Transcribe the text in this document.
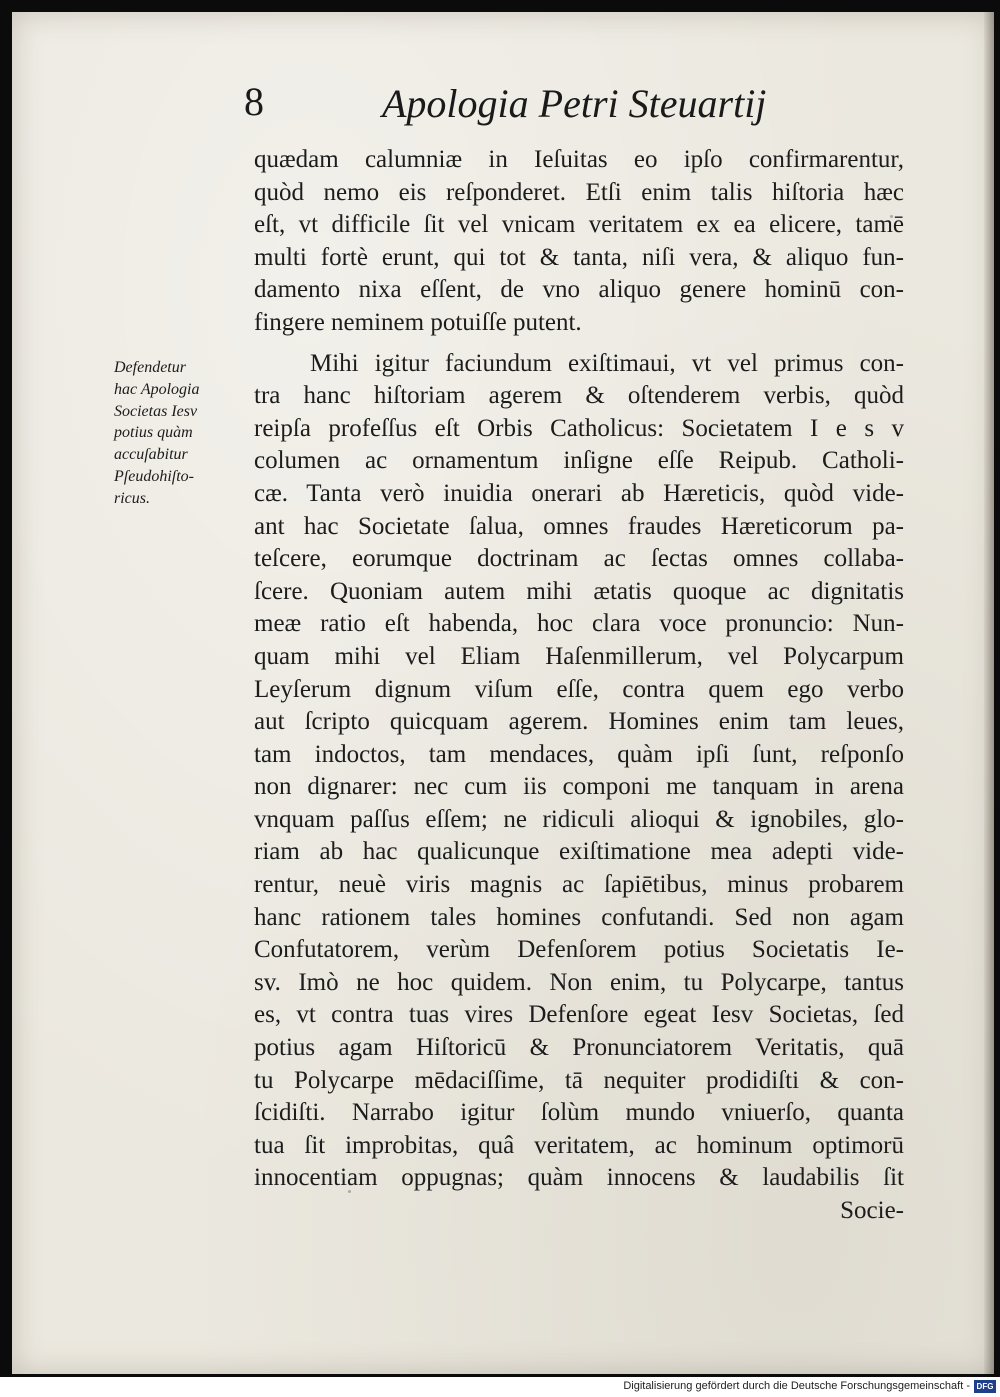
8	Apologia Petri Steuartij
Defendetur
hac Apologia
Societas Iesv
potius quàm
accuſabitur
Pſeudohiſto-
ricus.
quædam calumniæ in Ieſuitas eo ipſo confirmarentur,
quòd nemo eis reſponderet. Etſi enim talis hiſtoria hæc
eſt, vt difficile ſit vel vnicam veritatem ex ea elicere, tamē
multi fortè erunt, qui tot & tanta, niſi vera, & aliquo fun-
damento nixa eſſent, de vno aliquo genere hominū con-
fingere neminem potuiſſe putent.
Mihi igitur faciundum exiſtimaui, vt vel primus con-
tra hanc hiſtoriam agerem & oſtenderem verbis, quòd
reipſa profeſſus eſt Orbis Catholicus: Societatem I e s v
columen ac ornamentum inſigne eſſe Reipub. Catholi-
cæ. Tanta verò inuidia onerari ab Hæreticis, quòd vide-
ant hac Societate ſalua, omnes fraudes Hæreticorum pa-
teſcere, eorumque doctrinam ac ſectas omnes collaba-
ſcere. Quoniam autem mihi ætatis quoque ac dignitatis
meæ ratio eſt habenda, hoc clara voce pronuncio: Nun-
quam mihi vel Eliam Haſenmillerum, vel Polycarpum
Leyſerum dignum viſum eſſe, contra quem ego verbo
aut ſcripto quicquam agerem. Homines enim tam leues,
tam indoctos, tam mendaces, quàm ipſi ſunt, reſponſo
non dignarer: nec cum iis componi me tanquam in arena
vnquam paſſus eſſem; ne ridiculi alioqui & ignobiles, glo-
riam ab hac qualicunque exiſtimatione mea adepti vide-
rentur, neuè viris magnis ac ſapiētibus, minus probarem
hanc rationem tales homines confutandi. Sed non agam
Confutatorem, verùm Defenſorem potius Societatis Ie-
sv. Imò ne hoc quidem. Non enim, tu Polycarpe, tantus
es, vt contra tuas vires Defenſore egeat Iesv Societas, ſed
potius agam Hiſtoricū & Pronunciatorem Veritatis, quā
tu Polycarpe mēdaciſſime, tā nequiter prodidiſti & con-
ſcidiſti. Narrabo igitur ſolùm mundo vniuerſo, quanta
tua ſit improbitas, quâ veritatem, ac hominum optimorū
innocentiam oppugnas; quàm innocens & laudabilis ſit
Socie-
Digitalisierung gefördert durch die Deutsche Forschungsgemeinschaft - DFG
